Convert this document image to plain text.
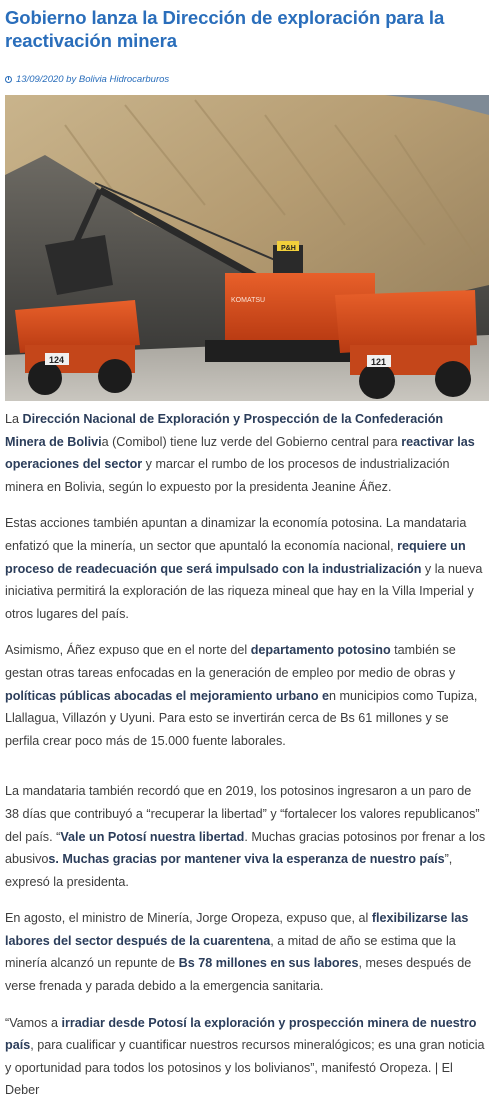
Gobierno lanza la Dirección de exploración para la reactivación minera
13/09/2020 by Bolivia Hidrocarburos
P&H
KOMATSU
124	121

La Dirección Nacional de Exploración y Prospección de la Confederación Minera de Bolivia (Comibol) tiene luz verde del Gobierno central para reactivar las operaciones del sector y marcar el rumbo de los procesos de industrialización minera en Bolivia, según lo expuesto por la presidenta Jeanine Áñez.

Estas acciones también apuntan a dinamizar la economía potosina. La mandataria enfatizó que la minería, un sector que apuntaló la economía nacional, requiere un proceso de readecuación que será impulsado con la industrialización y la nueva iniciativa permitirá la exploración de las riqueza mineal que hay en la Villa Imperial y otros lugares del país.

Asimismo, Áñez expuso que en el norte del departamento potosino también se gestan otras tareas enfocadas en la generación de empleo por medio de obras y políticas públicas abocadas el mejoramiento urbano en municipios como Tupiza, Llallagua, Villazón y Uyuni. Para esto se invertirán cerca de Bs 61 millones y se perfila crear poco más de 15.000 fuente laborales.

La mandataria también recordó que en 2019, los potosinos ingresaron a un paro de 38 días que contribuyó a “recuperar la libertad” y “fortalecer los valores republicanos” del país. “Vale un Potosí nuestra libertad. Muchas gracias potosinos por frenar a los abusivos. Muchas gracias por mantener viva la esperanza de nuestro país”, expresó la presidenta.

En agosto, el ministro de Minería, Jorge Oropeza, expuso que, al flexibilizarse las labores del sector después de la cuarentena, a mitad de año se estima que la minería alcanzó un repunte de Bs 78 millones en sus labores, meses después de verse frenada y parada debido a la emergencia sanitaria.

“Vamos a irradiar desde Potosí la exploración y prospección minera de nuestro país, para cualificar y cuantificar nuestros recursos mineralógicos; es una gran noticia y oportunidad para todos los potosinos y los bolivianos”, manifestó Oropeza. | El Deber
